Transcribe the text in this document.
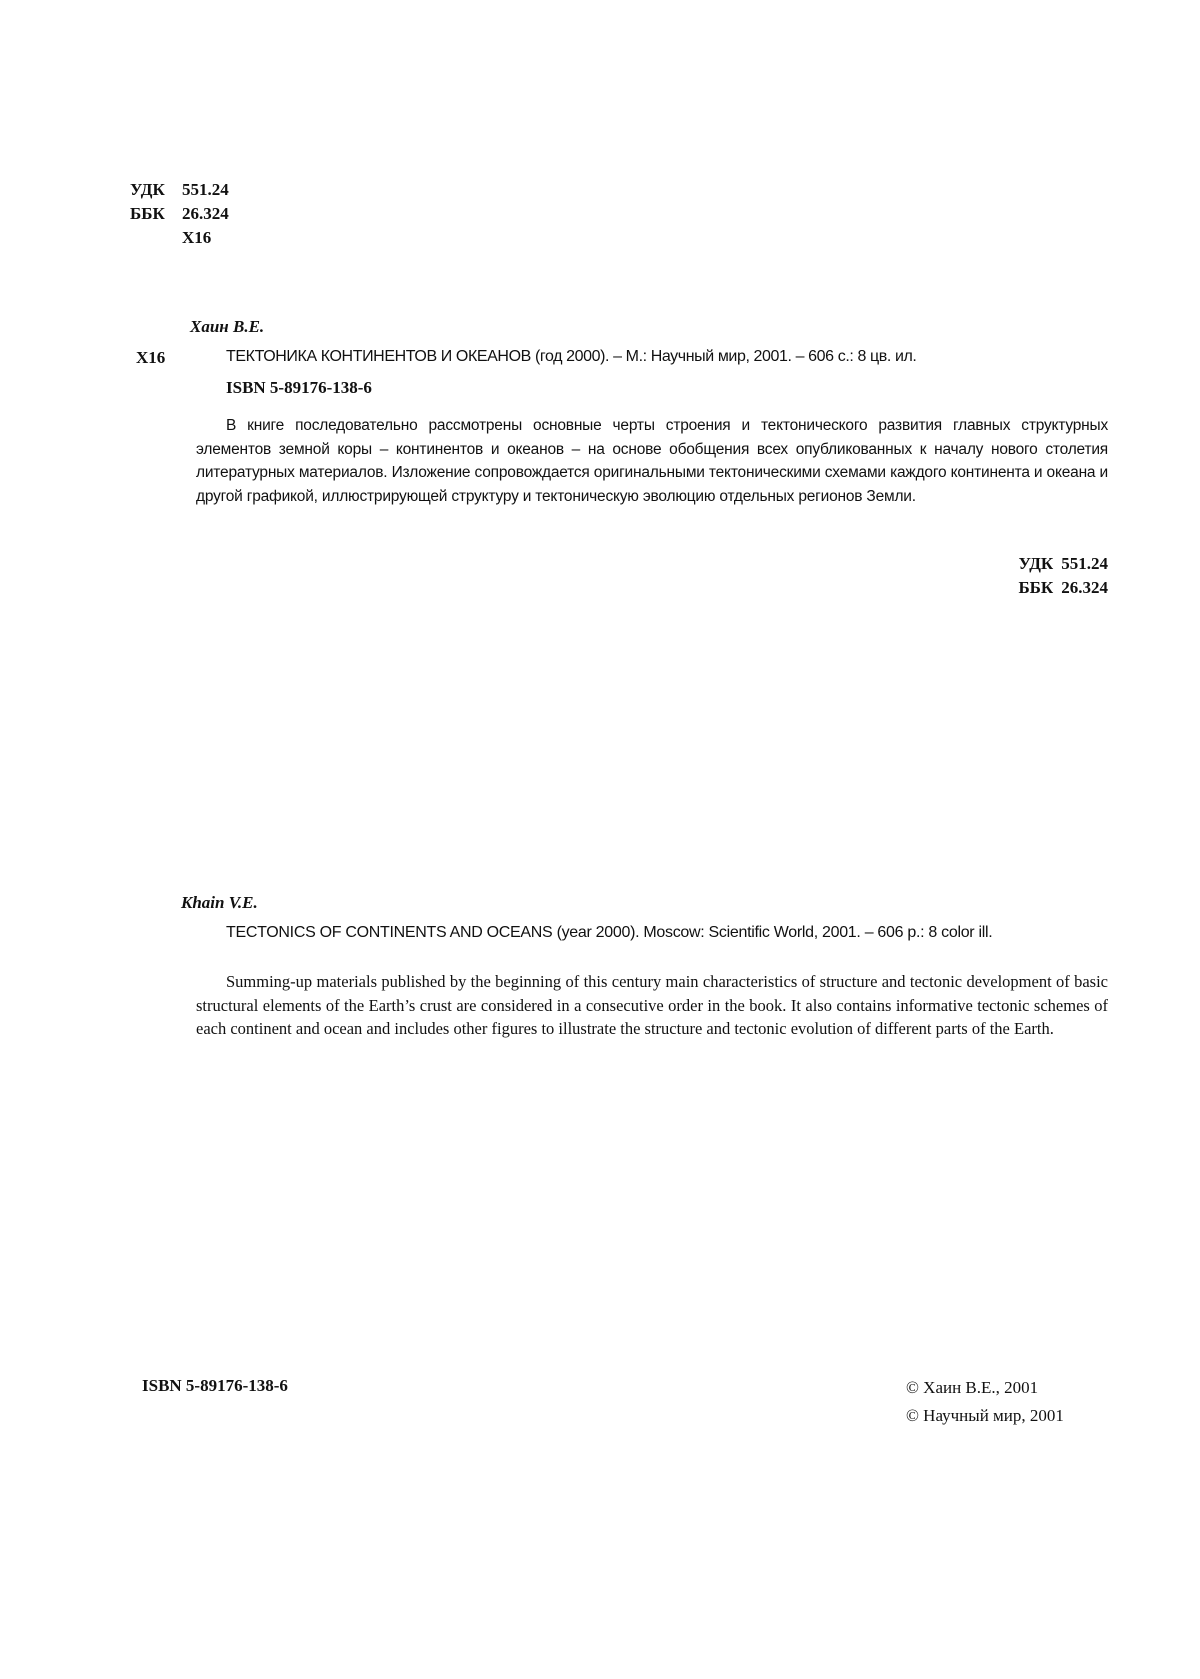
УДК	551.24
ББК	26.324
Х16
Хаин В.Е.
Х16	ТЕКТОНИКА КОНТИНЕНТОВ И ОКЕАНОВ (год 2000). – М.: Научный мир, 2001. – 606 с.: 8 цв. ил.
ISBN 5-89176-138-6
В книге последовательно рассмотрены основные черты строения и тектонического развития главных структурных элементов земной коры – континентов и океанов – на основе обобщения всех опубликованных к началу нового столетия литературных материалов. Изложение сопровождается оригинальными тектоническими схемами каждого континента и океана и другой графикой, иллюстрирующей структуру и тектоническую эволюцию отдельных регионов Земли.
УДК 551.24
ББК 26.324
Khain V.E.
TECTONICS OF CONTINENTS AND OCEANS (year 2000). Moscow: Scientific World, 2001. – 606 p.: 8 color ill.
Summing-up materials published by the beginning of this century main characteristics of structure and tectonic development of basic structural elements of the Earth’s crust are considered in a consecutive order in the book. It also contains informative tectonic schemes of each continent and ocean and includes other figures to illustrate the structure and tectonic evolution of different parts of the Earth.
ISBN 5-89176-138-6	© Хаин В.Е., 2001
© Научный мир, 2001
